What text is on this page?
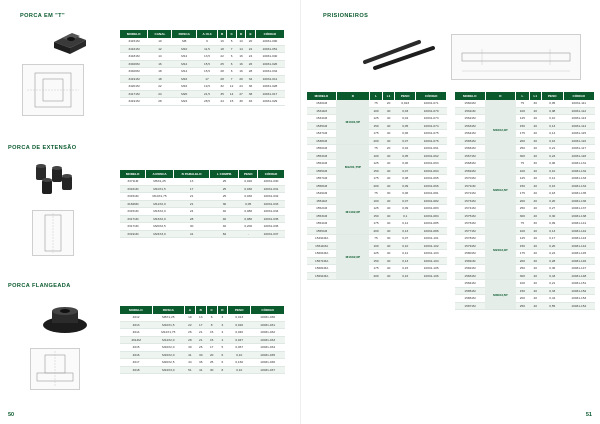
PORCA EM "T"
MODELO	CANAL	ROSCA	A ±0.3	B	C	D	E	CÓDIGO
34151M	10	M8	9	16	5	13	20	10031-000
34161M	12	M10	11,5	18	7	14	22	10031-051
34181M	14	M12	13,5	22	6	16	24	10031-040
33406M	16	M12	15,5	25	6	16	26	10031-026
33406M	18	M14	15,5	28	6	16	28	10031-034
34191M	18	M16	17	28	7	20	32	10031-011
34201M	22	M16	19,5	32	12	24	36	10031-028
34171M	24	M20	21,5	35	14	27	38	10031-017
34191M	28	M24	28,5	44	15	30	46	10031-029
PORCA DE EXTENSÃO
MODELO	A ROSCA	B PARALELO	L COMPR.	PESO	CÓDIGO
33711M	M6X1,25	13	25	0,020	10031-030
33161M	M10X1,5	17	25	0,030	10031-031
33151M	M10X1,75	21	25	0,030	10031-032
31846M	M12X2,0	21	30	0,05	10031-033
33151M	M16X2,0	24	40	0,080	10031-034
33171M	M16X2,0	28	40	0,080	10031-035
33171M	M20X2,5	30	40	0,200	10031-036
33191M	M24X3,0	41	84	-	10031-037
PORCA FLANGEADA
MODELO	ROSCA	A	B	C	D	PESO	CÓDIGO
4612	M8X1,25	19	13	6	3	0,013	10031-030
4613	M10X1,5	22	17	8	3	0,020	10031-031
4614	M12X1,75	26	21	15	4	0,040	10031-032
4614M	M14X2,0	28	21	15	4	0,047	10031-033
4615	M16X2,0	30	26	17	5	0,067	10031-034
4616	M16X2,0	41	30	20	6	0,10	10031-035
4617	M20X2,5	44	36	25	6	0,160	10031-036
4618	M24X3,0	51	41	30	8	0,10	10031-037
50
PRISIONEIROS
MODELO	D	L	L1	PESO	CÓDIGO
15301M	M10X1,5P	75	20	0,023	10031-071
15311M		100	40	0,03	10031-070
15341M		125	40	0,04	10031-073
15351M		150	40	0,05	10031-074
15371M		175	40	0,06	10031-075
15381M		200	40	0,07	10031-076
15501M	M12X1,75P	75	20	0,04	10031-061
15531M		100	40	0,05	10031-062
15541M		125	40	0,06	10031-063
15551M		150	40	0,07	10031-064
15571M		175	40	0,08	10031-065
15581M		200	40	0,09	10031-066
15491M	M14X2,0P	75	30	0,06	10031-081
15511M		100	40	0,07	10031-082
15521M		125	40	0,09	10031-083
15531M		150	40	0,1	10031-084
15541M		175	40	0,12	10031-085
15551M		200	40	0,13	10031-086
15491MA	M16X2,0P	75	30	0,07	10031-101
15611MA		100	40	0,10	10031-102
15661MA		125	40	0,12	10031-103
15671MA		150	40	0,13	10031-104
15681MA		175	40	0,15	10031-105
15691MA		200	40	0,16	10031-106
MODELO	D	L	L1	PESO	CÓDIGO
15601M	M16X2,0P	75	30	0,05	10031-111
15611M		100	40	0,08	10031-112
15621M		125	40	0,10	10031-113
15631M		150	40	0,13	10031-114
15641M		175	40	0,14	10031-115
15651M		200	40	0,16	10031-116
15661M		250	40	0,21	10031-117
15671M		300	40	0,24	10031-118
15681M	M20X2,5P	75	30	0,06	10031-131
15691M		100	40	0,10	10031-132
15701M		125	40	0,12	10031-133
15711M		150	40	0,16	10031-134
15721M		175	40	0,18	10031-135
15731M		200	40	0,20	10031-136
15741M		250	40	0,27	10031-137
15751M		300	40	0,30	10031-138
15761M	M24X3,0P	75	30	0,09	10031-141
15771M		100	40	0,13	10031-142
15781M		125	40	0,17	10031-143
15791M		150	40	0,20	10031-144
15801M		175	40	0,24	10031-145
15811M		200	40	0,28	10031-146
15821M		250	40	0,36	10031-147
15831M		300	40	0,43	10031-148
15841M	M30X3,5P	100	40	0,21	10031-151
15851M		150	40	0,33	10031-152
15861M		200	40	0,44	10031-153
15871M		250	40	0,55	10031-154
51
